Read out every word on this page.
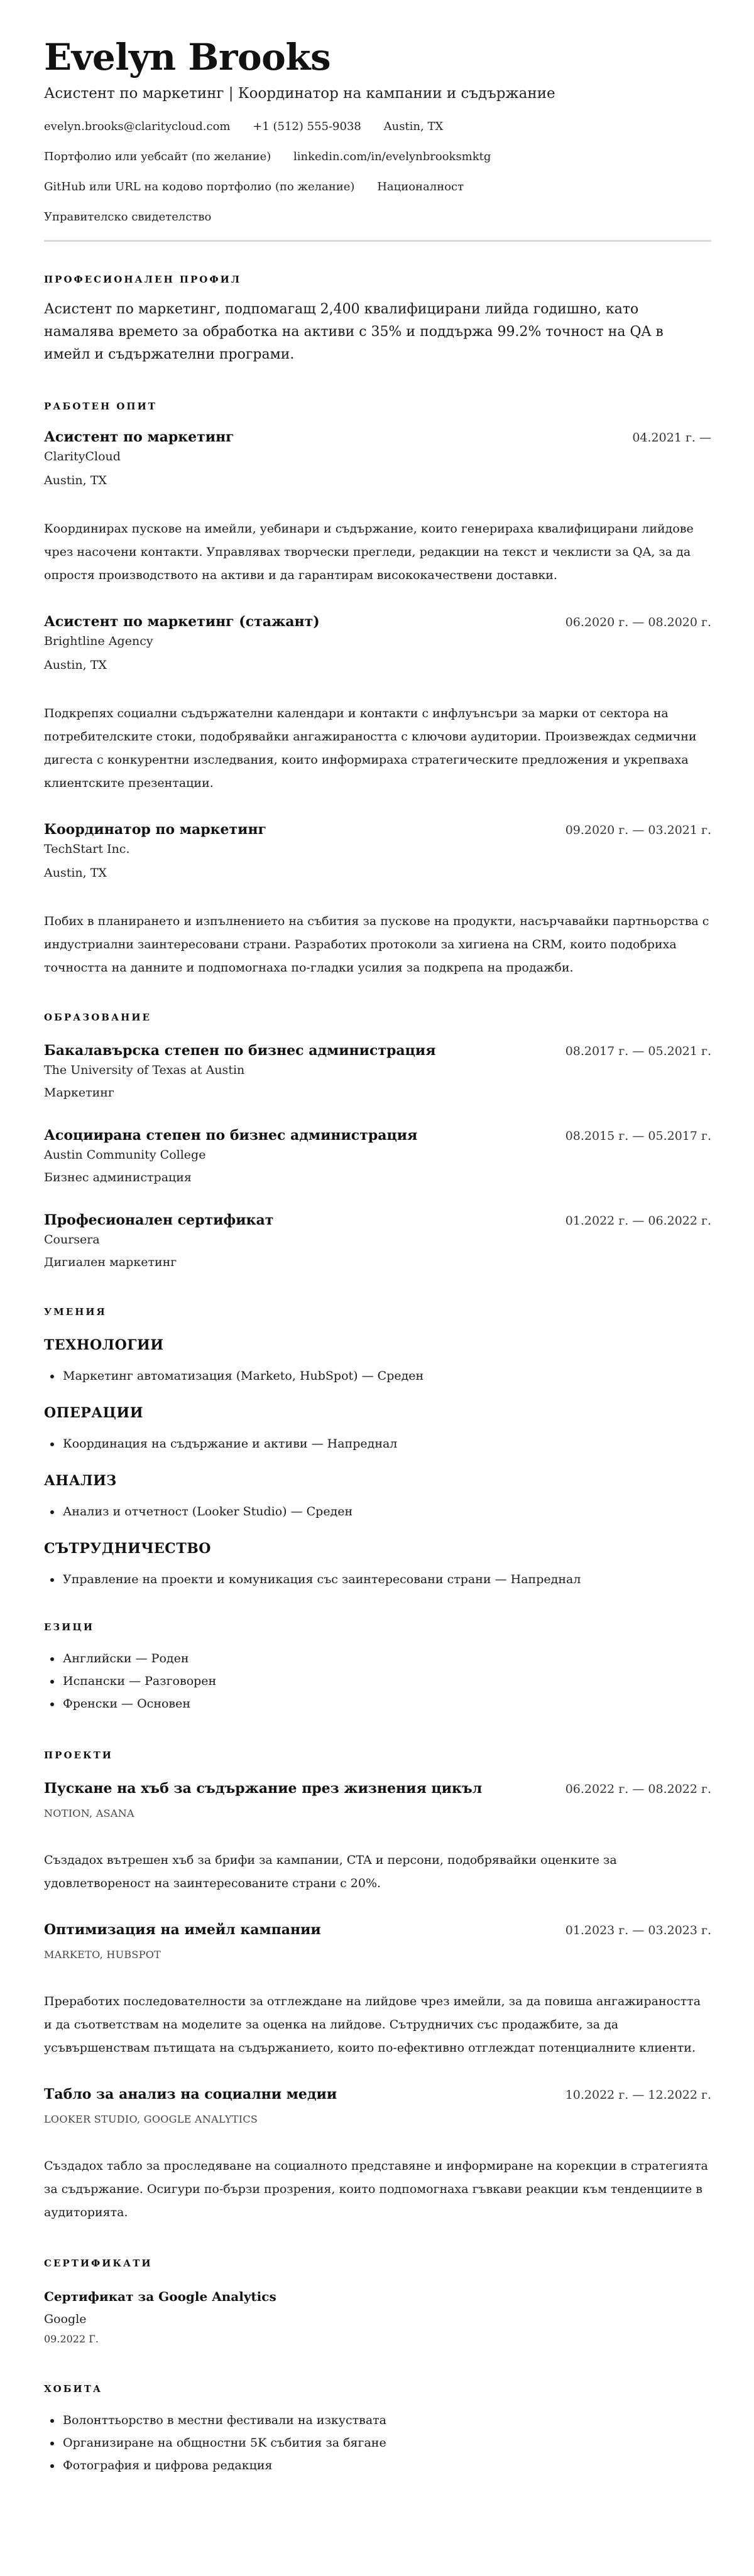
Evelyn Brooks
Асистент по маркетинг | Координатор на кампании и съдържание
evelyn.brooks@claritycloud.com +1 (512) 555-9038 Austin, TX
Портфолио или уебсайт (по желание) linkedin.com/in/evelynbrooksmktg
GitHub или URL на кодово портфолио (по желание) Националност
Управителско свидетелство
ПРОФЕСИОНАЛЕН ПРОФИЛ

Асистент по маркетинг, подпомагащ 2,400 квалифицирани лийда годишно, като намалява времето за обработка на активи с 35% и поддържа 99.2% точност на QA в имейл и съдържателни програми.

РАБОТЕН ОПИТ
Асистент по маркетинг	04.2021 г. —
ClarityCloud
Austin, TX
Координирах пускове на имейли, уебинари и съдържание, които генерираха квалифицирани лийдове чрез насочени контакти. Управлявах творчески прегледи, редакции на текст и чеклисти за QA, за да опростя производството на активи и да гарантирам висококачествени доставки.
Асистент по маркетинг (стажант)	06.2020 г. — 08.2020 г.
Brightline Agency
Austin, TX
Подкрепях социални съдържателни календари и контакти с инфлуънсъри за марки от сектора на потребителските стоки, подобрявайки ангажираността с ключови аудитории. Произвеждах седмични дигеста с конкурентни изследвания, които информираха стратегическите предложения и укрепваха клиентските презентации.
Координатор по маркетинг	09.2020 г. — 03.2021 г.
TechStart Inc.
Austin, TX
Побих в планирането и изпълнението на събития за пускове на продукти, насърчавайки партньорства с индустриални заинтересовани страни. Разработих протоколи за хигиена на CRM, които подобриха точността на данните и подпомогнаха по-гладки усилия за подкрепа на продажби.
ОБРАЗОВАНИЕ
Бакалавърска степен по бизнес администрация	08.2017 г. — 05.2021 г.
The University of Texas at Austin
Маркетинг
Асоциирана степен по бизнес администрация	08.2015 г. — 05.2017 г.
Austin Community College
Бизнес администрация
Професионален сертификат	01.2022 г. — 06.2022 г.
Coursera
Дигиален маркетинг
УМЕНИЯ
ТЕХНОЛОГИИ
• Маркетинг автоматизация (Marketo, HubSpot) — Среден
ОПЕРАЦИИ
• Координация на съдържание и активи — Напреднал
АНАЛИЗ
• Анализ и отчетност (Looker Studio) — Среден
СЪТРУДНИЧЕСТВО
• Управление на проекти и комуникация със заинтересовани страни — Напреднал
ЕЗИЦИ
• Английски — Роден
• Испански — Разговорен
• Френски — Основен
ПРОЕКТИ
Пускане на хъб за съдържание през жизнения цикъл	06.2022 г. — 08.2022 г.
NOTION, ASANA
Създадох вътрешен хъб за брифи за кампании, CTA и персони, подобрявайки оценките за удовлетвореност на заинтересованите страни с 20%.
Оптимизация на имейл кампании	01.2023 г. — 03.2023 г.
MARKETO, HUBSPOT
Преработих последователности за отглеждане на лийдове чрез имейли, за да повиша ангажираността и да съответствам на моделите за оценка на лийдове. Сътрудничих със продажбите, за да усъвършенствам пътищата на съдържанието, които по-ефективно отглеждат потенциалните клиенти.
Табло за анализ на социални медии	10.2022 г. — 12.2022 г.
LOOKER STUDIO, GOOGLE ANALYTICS
Създадох табло за проследяване на социалното представяне и информиране на корекции в стратегията за съдържание. Осигури по-бързи прозрения, които подпомогнаха гъвкави реакции към тенденциите в аудиторията.
СЕРТИФИКАТИ
Сертификат за Google Analytics
Google
09.2022 Г.
ХОБИТА
• Волонттьорство в местни фестивали на изкуствата
• Организиране на общностни 5K събития за бягане
• Фотография и цифрова редакция
